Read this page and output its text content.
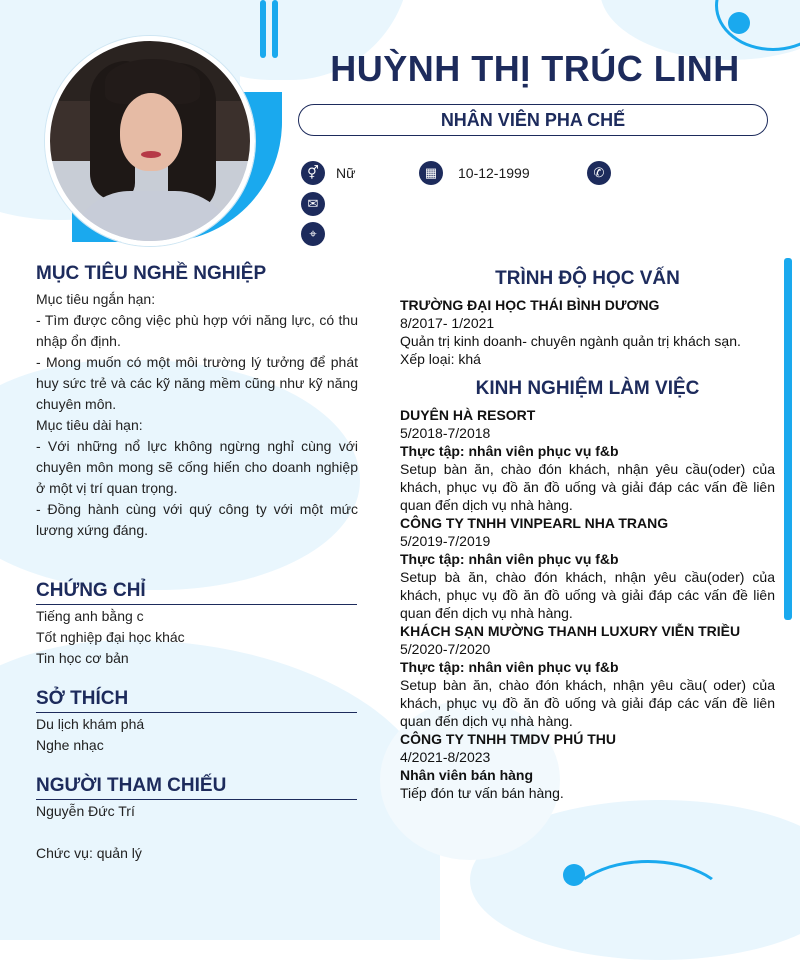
HUỲNH THỊ TRÚC LINH
NHÂN VIÊN PHA CHẾ
⚥	Nữ	▦	10-12-1999	✆
✉
⌖
MỤC TIÊU NGHỀ NGHIỆP
Mục tiêu ngắn hạn:
- Tìm được công việc phù hợp với năng lực, có thu nhập ổn định.
- Mong muốn có một môi trường lý tưởng để phát huy sức trẻ và các kỹ năng mềm cũng như kỹ năng chuyên môn.
Mục tiêu dài hạn:
- Với những nổ lực không ngừng nghỉ cùng với chuyên môn mong sẽ cống hiến cho doanh nghiệp ở một vị trí quan trọng.
- Đồng hành cùng với quý công ty với một mức lương xứng đáng.
CHỨNG CHỈ
Tiếng anh bằng c
Tốt nghiệp đại học khác
Tin học cơ bản
SỞ THÍCH
Du lịch khám phá
Nghe nhạc
NGƯỜI THAM CHIẾU
Nguyễn Đức Trí
Chức vụ: quản lý
TRÌNH ĐỘ HỌC VẤN
TRƯỜNG ĐẠI HỌC THÁI BÌNH DƯƠNG
8/2017- 1/2021
Quản trị kinh doanh- chuyên ngành quản trị khách sạn.
Xếp loại: khá
KINH NGHIỆM LÀM VIỆC
DUYÊN HÀ RESORT
5/2018-7/2018
Thực tập: nhân viên phục vụ f&b
Setup bàn ăn, chào đón khách, nhận yêu cầu(oder) của khách, phục vụ đồ ăn đồ uống và giải đáp các vấn đề liên quan đến dịch vụ nhà hàng.
CÔNG TY TNHH VINPEARL NHA TRANG
5/2019-7/2019
Thực tập: nhân viên phục vụ f&b
Setup bà ăn, chào đón khách, nhận yêu cầu(oder) của khách, phục vụ đồ ăn đồ uống và giải đáp các vấn đề liên quan đến dịch vụ nhà hàng.
KHÁCH SẠN MƯỜNG THANH LUXURY VIỄN TRIỀU
5/2020-7/2020
Thực tập: nhân viên phục vụ f&b
Setup bàn ăn, chào đón khách, nhận yêu cầu( oder) của khách, phục vụ đồ ăn đồ uống và giải đáp các vấn đề liên quan đến dịch vụ nhà hàng.
CÔNG TY TNHH TMDV PHÚ THU
4/2021-8/2023
Nhân viên bán hàng
Tiếp đón tư vấn bán hàng.
